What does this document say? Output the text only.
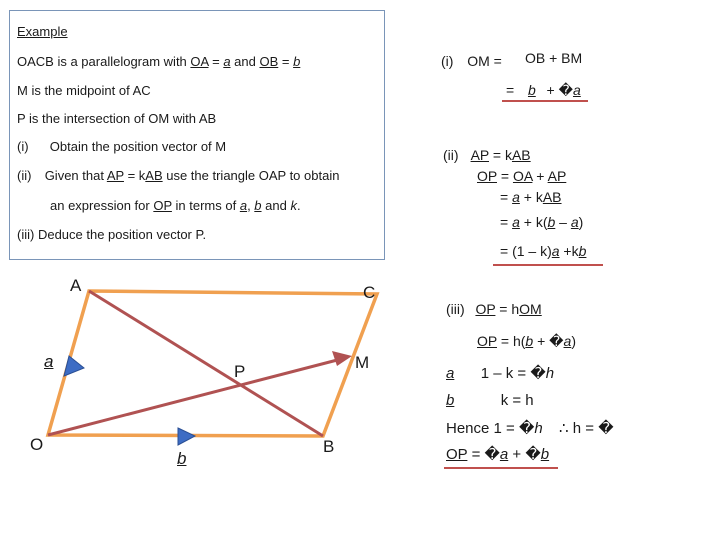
Example
OACB is a parallelogram with OA = a and OB = b
M is the midpoint of AC
P is the intersection of OM with AB
(i) Obtain the position vector of M
(ii) Given that AP = kAB use the triangle OAP to obtain
an expression for OP in terms of a, b and k.
(iii) Deduce the position vector P.
(i) OM = OB + BM
= b + �a
(ii) AP = kAB
OP = OA + AP
= a + kAB
= a + k(b – a)
= (1 – k)a +kb
(iii) OP = hOM
OP = h(b + �a)
a 1 – k = �h
b	k = h
Hence 1 = �h ∴ h = �
OP = �a + �b
A	C
M
P
O	B
a
b
